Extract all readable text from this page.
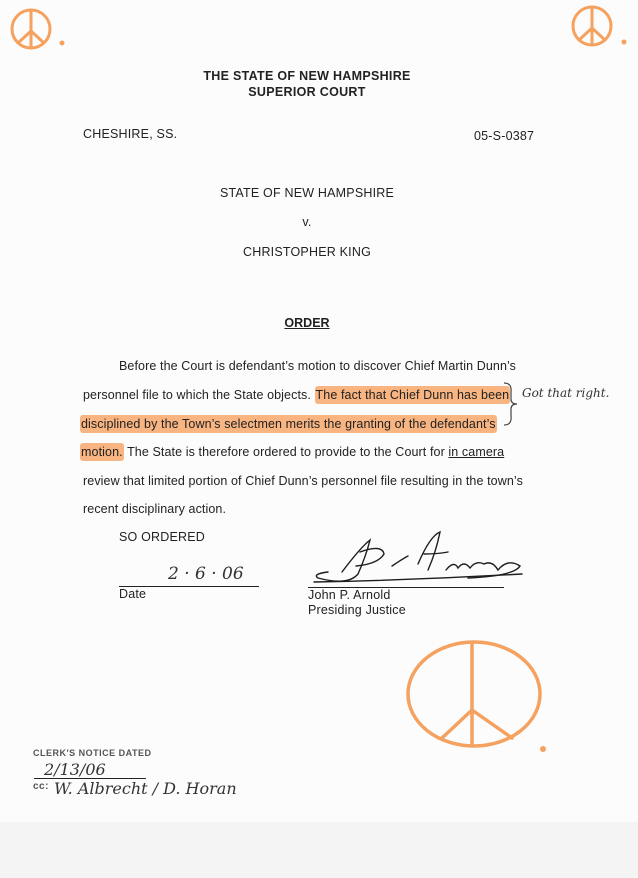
THE STATE OF NEW HAMPSHIRE
SUPERIOR COURT
CHESHIRE, SS.	05-S-0387
STATE OF NEW HAMPSHIRE
v.
CHRISTOPHER KING
ORDER
Before the Court is defendant’s motion to discover Chief Martin Dunn’s
personnel file to which the State objects. The fact that Chief Dunn has been
disciplined by the Town’s selectmen merits the granting of the defendant’s
motion. The State is therefore ordered to provide to the Court for in camera
review that limited portion of Chief Dunn’s personnel file resulting in the town’s
recent disciplinary action.
Got that right.
SO ORDERED
2 · 6 · 06
Date	John P. Arnold
Presiding Justice
CLERK'S NOTICE DATED
2/13/06
cc: W. Albrecht / D. Horan
